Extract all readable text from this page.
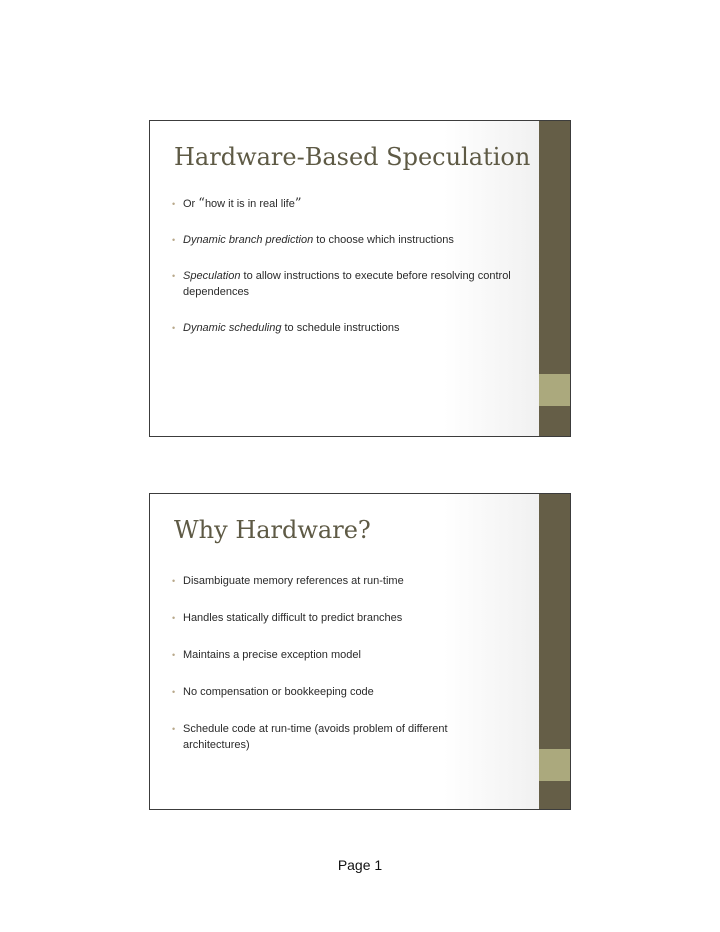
Hardware-Based Speculation
• Or “how it is in real life”
• Dynamic branch prediction to choose which instructions
• Speculation to allow instructions to execute before resolving control dependences
• Dynamic scheduling to schedule instructions
Why Hardware?
• Disambiguate memory references at run-time
• Handles statically difficult to predict branches
• Maintains a precise exception model
• No compensation or bookkeeping code
• Schedule code at run-time (avoids problem of different architectures)
Page 1
